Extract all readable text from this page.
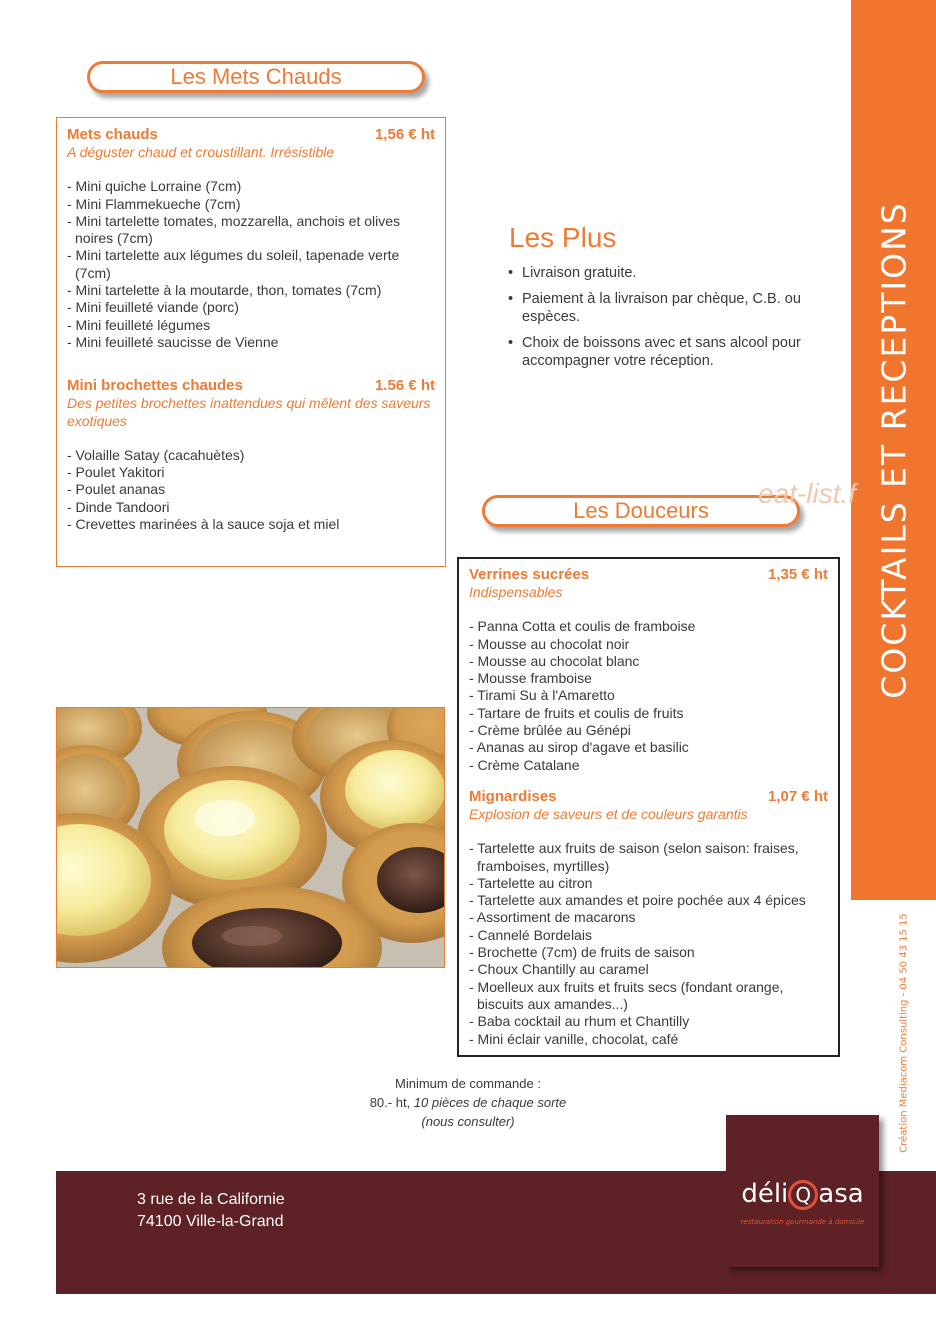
COCKTAILS ET RECEPTIONS
Création Mediacom Consulting - 04 50 43 15 15
Les Mets Chauds
Mets chauds	1,56 € ht
A déguster chaud et croustillant. Irrésistible
- Mini quiche Lorraine (7cm)
- Mini Flammekueche (7cm)
- Mini tartelette tomates, mozzarella, anchois et olives noires (7cm)
- Mini tartelette aux légumes du soleil, tapenade verte (7cm)
- Mini tartelette à la moutarde, thon, tomates (7cm)
- Mini feuilleté viande (porc)
- Mini feuilleté légumes
- Mini feuilleté saucisse de Vienne
Mini brochettes chaudes	1.56 € ht
Des petites brochettes inattendues qui mêlent des saveurs exotiques
- Volaille Satay (cacahuètes)
- Poulet Yakitori
- Poulet ananas
- Dinde Tandoori
- Crevettes marinées à la sauce soja et miel
Les Plus
• Livraison gratuite.
• Paiement à la livraison par chèque, C.B. ou espèces.
• Choix de boissons avec et sans alcool pour accompagner votre réception.
Les Douceurs
eat-list.f
Verrines sucrées	1,35 € ht
Indispensables
- Panna Cotta et coulis de framboise
- Mousse au chocolat noir
- Mousse au chocolat blanc
- Mousse framboise
- Tirami Su à l'Amaretto
- Tartare de fruits et coulis de fruits
- Crème brûlée au Génépi
- Ananas au sirop d'agave et basilic
- Crème Catalane
Mignardises	1,07 € ht
Explosion de saveurs et de couleurs garantis
- Tartelette aux fruits de saison (selon saison: fraises, framboises, myrtilles)
- Tartelette au citron
- Tartelette aux amandes et poire pochée aux 4 épices
- Assortiment de macarons
- Cannelé Bordelais
- Brochette (7cm) de fruits de saison
- Choux Chantilly au caramel
- Moelleux aux fruits et fruits secs (fondant orange, biscuits aux amandes...)
- Baba cocktail au rhum et Chantilly
- Mini éclair vanille, chocolat, café
Minimum de commande :
80.- ht, 10 pièces de chaque sorte
(nous consulter)
3 rue de la Californie
74100 Ville-la-Grand
déli Q asa
restauration gourmande à domicile
